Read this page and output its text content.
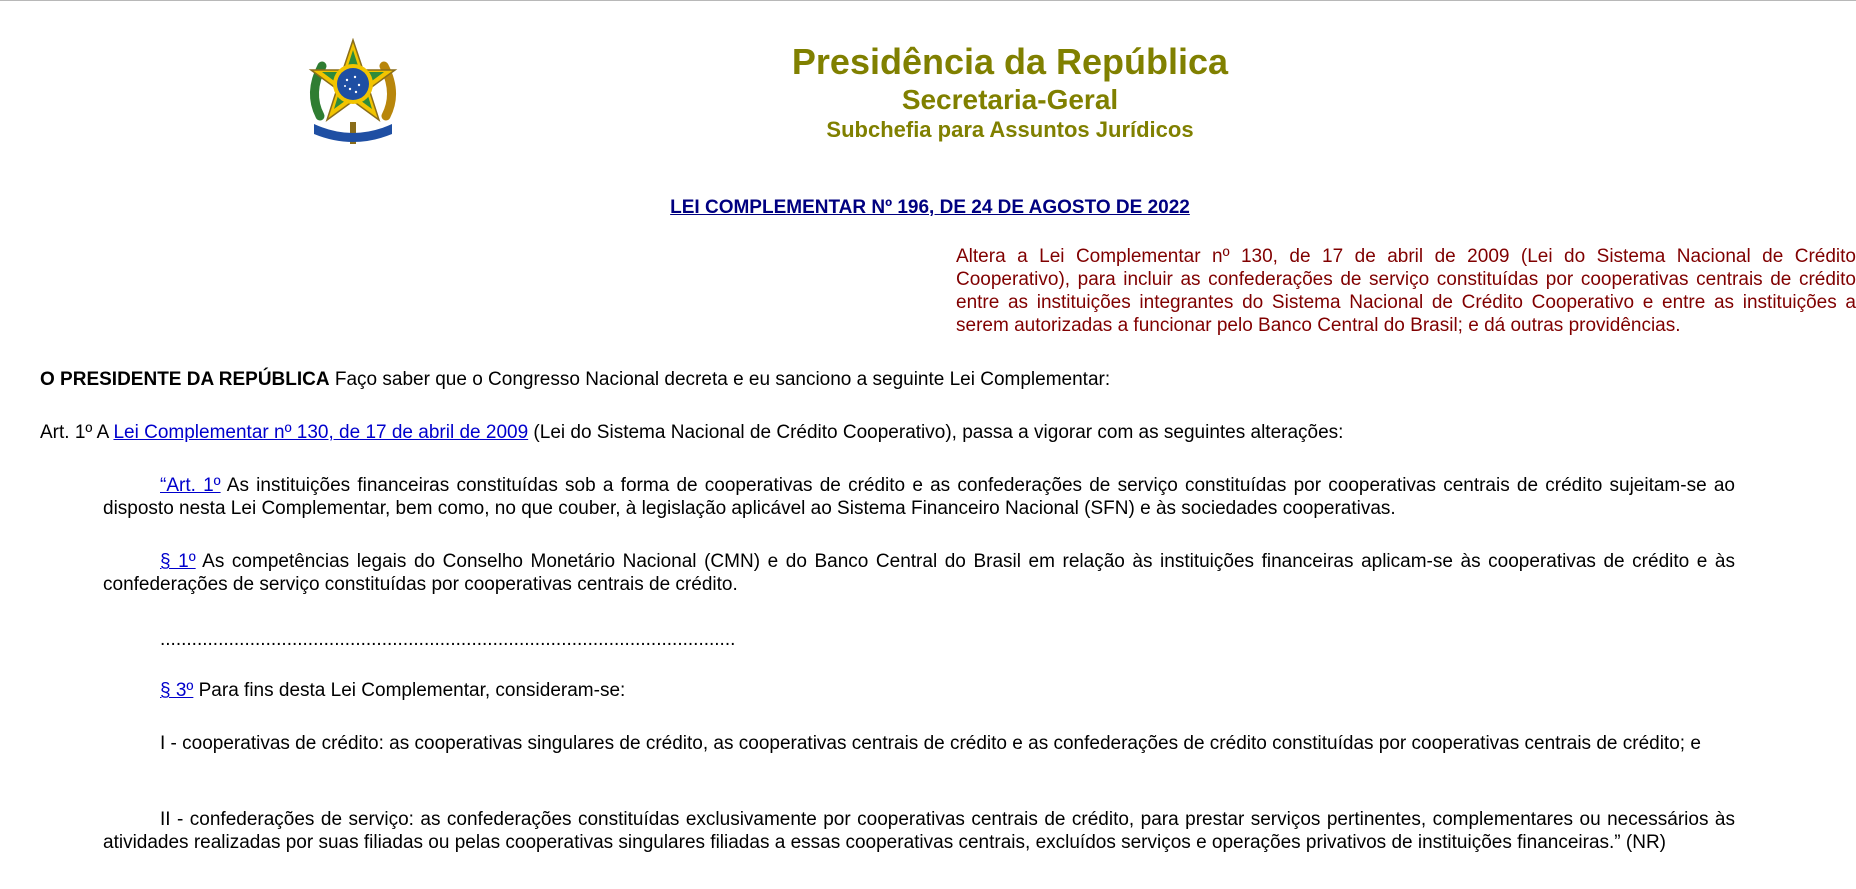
Presidência da República
Secretaria-Geral
Subchefia para Assuntos Jurídicos
LEI COMPLEMENTAR Nº 196, DE 24 DE AGOSTO DE 2022
Altera a Lei Complementar nº 130, de 17 de abril de 2009 (Lei do Sistema Nacional de Crédito Cooperativo), para incluir as confederações de serviço constituídas por cooperativas centrais de crédito entre as instituições integrantes do Sistema Nacional de Crédito Cooperativo e entre as instituições a serem autorizadas a funcionar pelo Banco Central do Brasil; e dá outras providências.
O PRESIDENTE DA REPÚBLICA Faço saber que o Congresso Nacional decreta e eu sanciono a seguinte Lei Complementar:
Art. 1º A Lei Complementar nº 130, de 17 de abril de 2009 (Lei do Sistema Nacional de Crédito Cooperativo), passa a vigorar com as seguintes alterações:
“Art. 1º As instituições financeiras constituídas sob a forma de cooperativas de crédito e as confederações de serviço constituídas por cooperativas centrais de crédito sujeitam-se ao disposto nesta Lei Complementar, bem como, no que couber, à legislação aplicável ao Sistema Financeiro Nacional (SFN) e às sociedades cooperativas.
§ 1º As competências legais do Conselho Monetário Nacional (CMN) e do Banco Central do Brasil em relação às instituições financeiras aplicam-se às cooperativas de crédito e às confederações de serviço constituídas por cooperativas centrais de crédito.
.............................................................................................................
§ 3º Para fins desta Lei Complementar, consideram-se:
I - cooperativas de crédito: as cooperativas singulares de crédito, as cooperativas centrais de crédito e as confederações de crédito constituídas por cooperativas centrais de crédito; e
II - confederações de serviço: as confederações constituídas exclusivamente por cooperativas centrais de crédito, para prestar serviços pertinentes, complementares ou necessários às atividades realizadas por suas filiadas ou pelas cooperativas singulares filiadas a essas cooperativas centrais, excluídos serviços e operações privativos de instituições financeiras.” (NR)
